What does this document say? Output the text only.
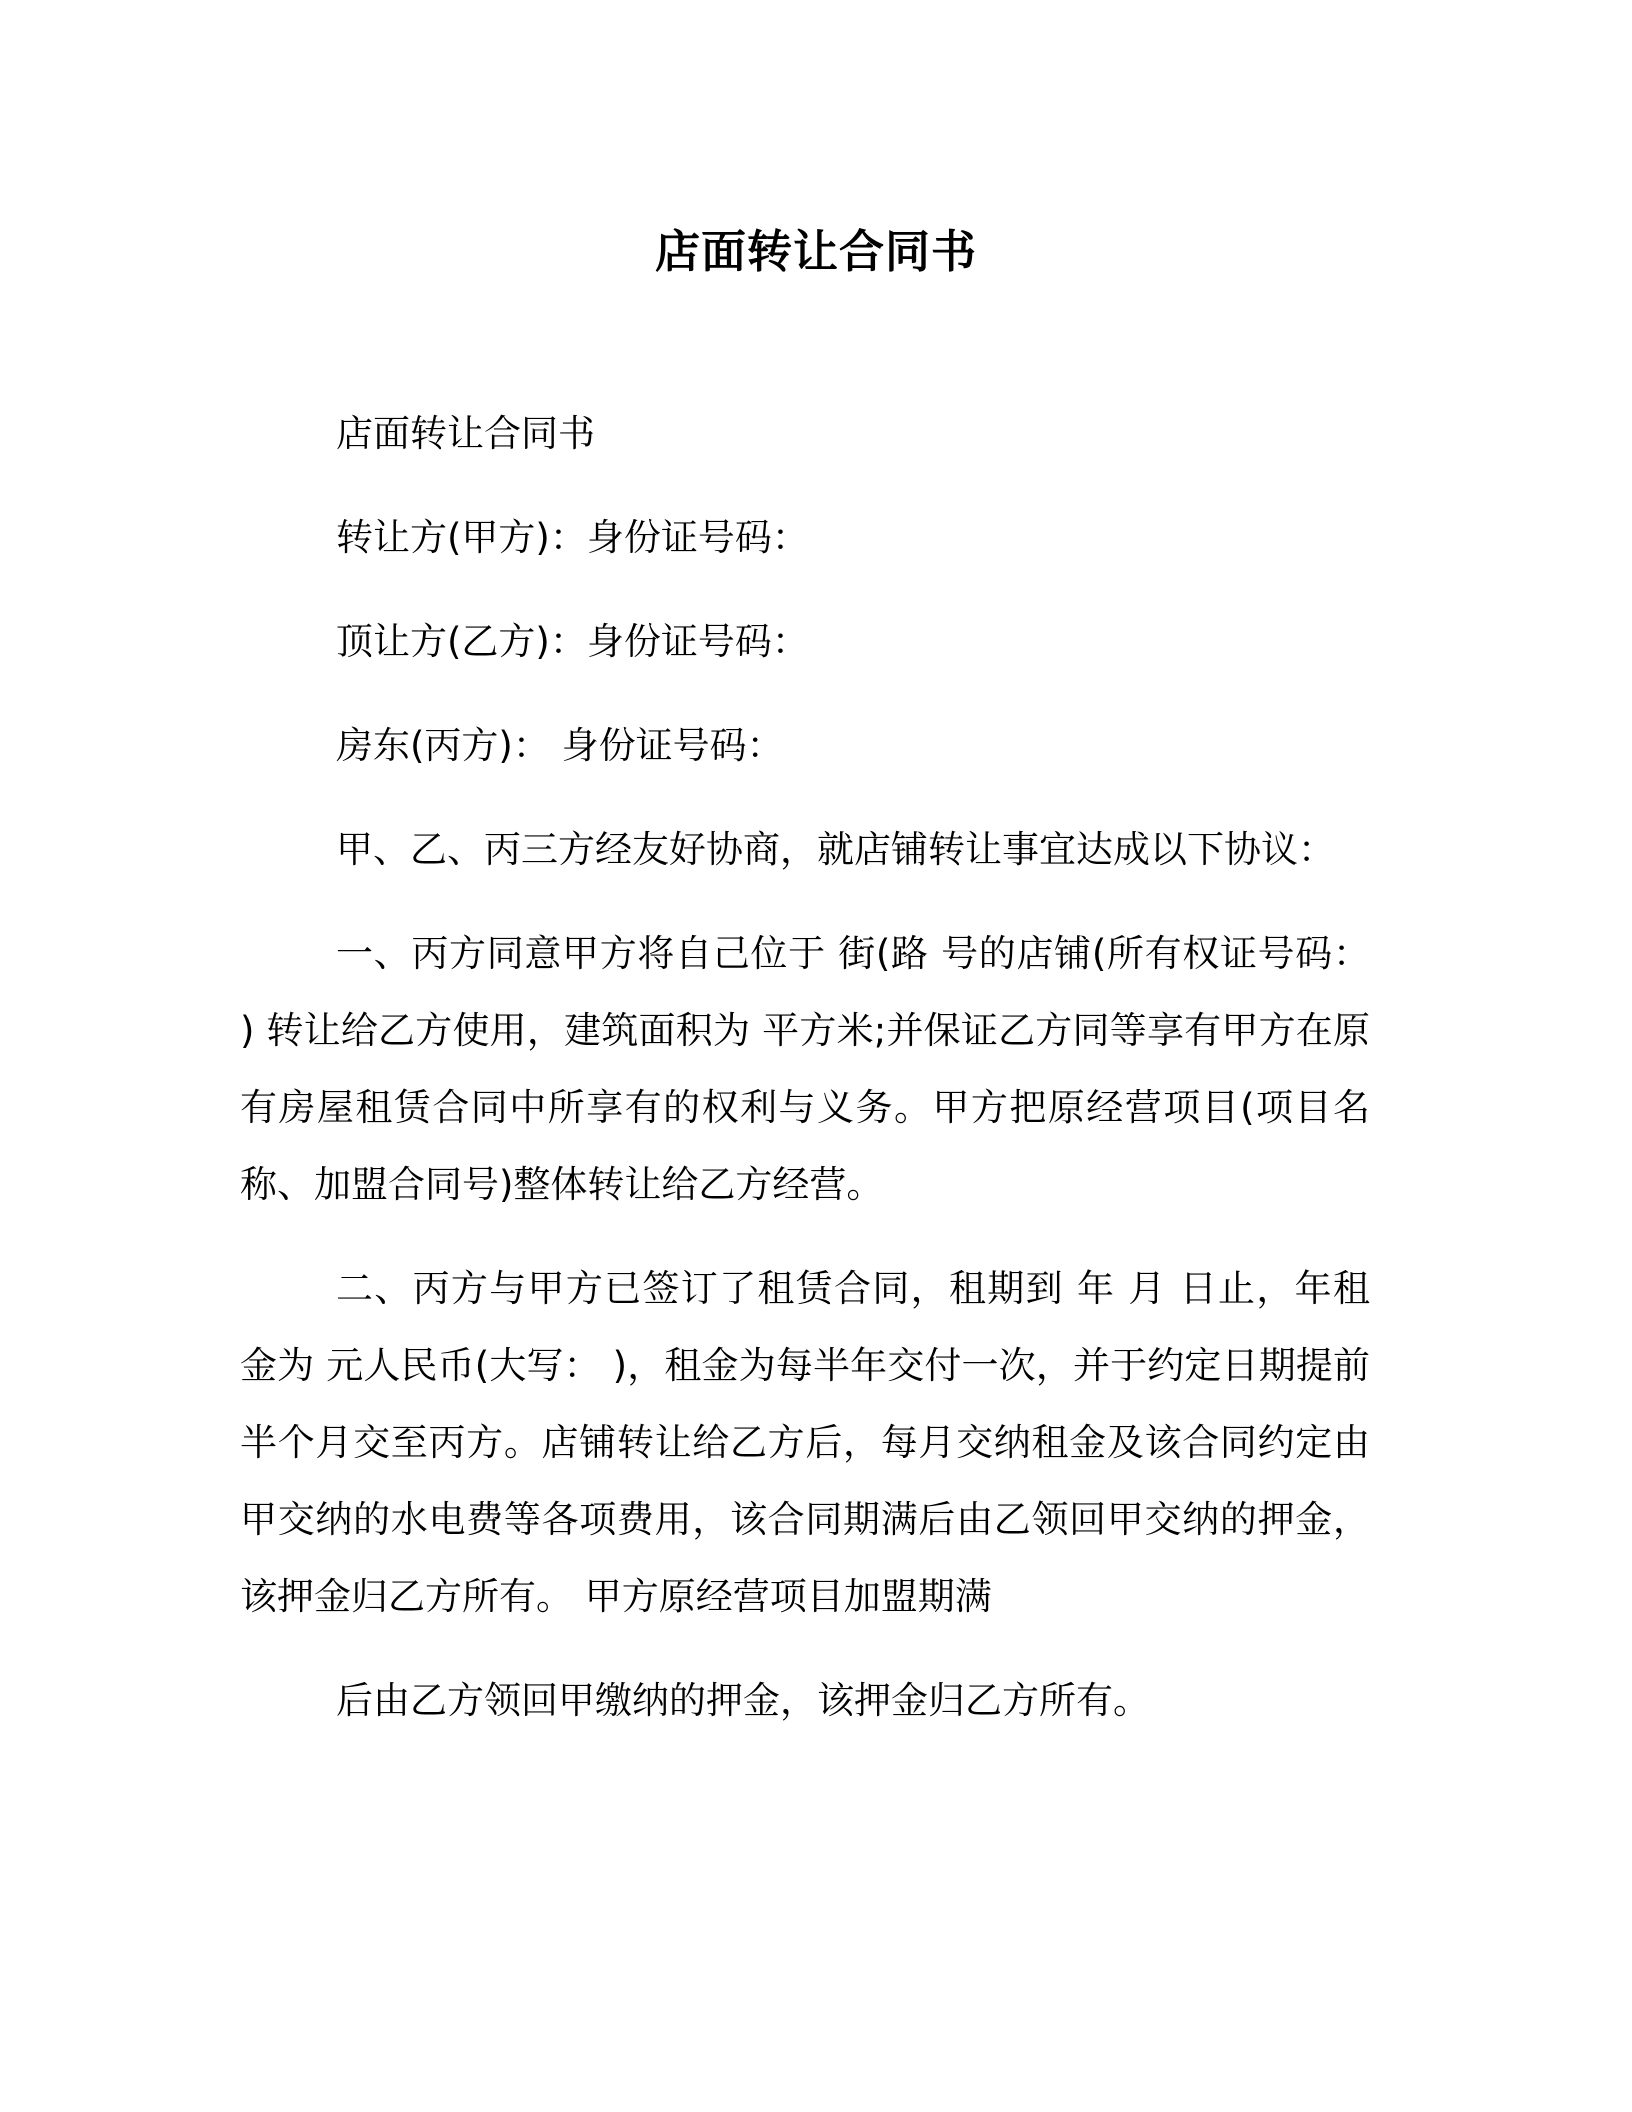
店面转让合同书

店面转让合同书

转让方(甲方)：身份证号码：

顶让方(乙方)：身份证号码：

房东(丙方)： 身份证号码：

甲、乙、丙三方经友好协商，就店铺转让事宜达成以下协议：

一、丙方同意甲方将自己位于 街(路 号的店铺(所有权证号码： ) 转让给乙方使用，建筑面积为 平方米;并保证乙方同等享有甲方在原有房屋租赁合同中所享有的权利与义务。甲方把原经营项目(项目名称、加盟合同号)整体转让给乙方经营。

二、丙方与甲方已签订了租赁合同，租期到 年 月 日止，年租金为 元人民币(大写： )，租金为每半年交付一次，并于约定日期提前半个月交至丙方。店铺转让给乙方后，每月交纳租金及该合同约定由甲交纳的水电费等各项费用，该合同期满后由乙领回甲交纳的押金，该押金归乙方所有。 甲方原经营项目加盟期满

后由乙方领回甲缴纳的押金，该押金归乙方所有。
